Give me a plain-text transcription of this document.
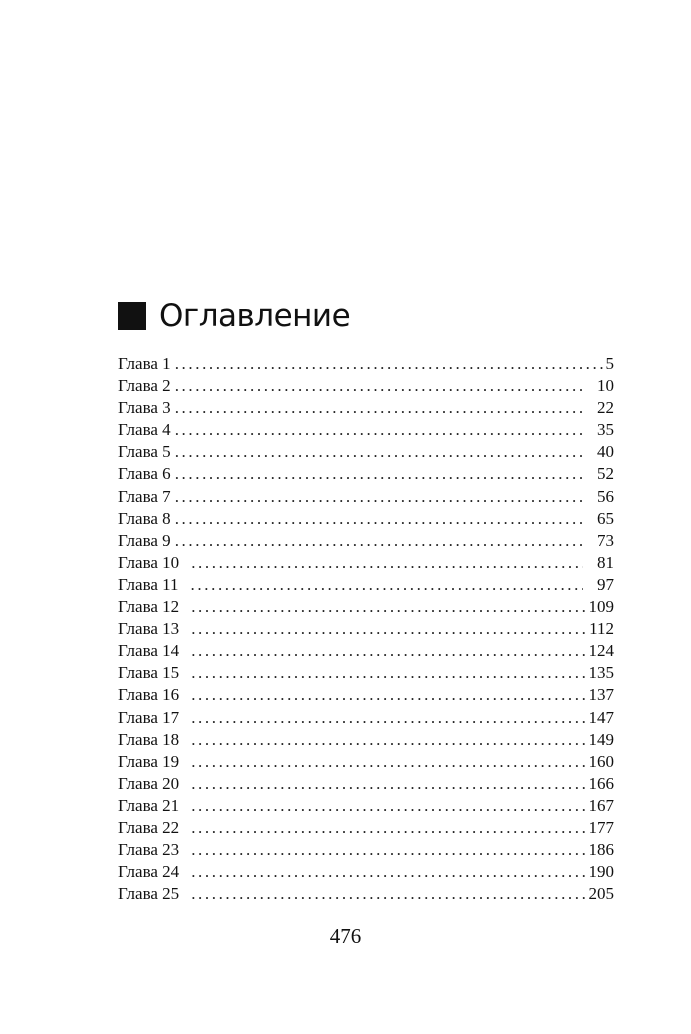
Оглавление
Глава 1 .....	5
Глава 2 .....	10
Глава 3 .....	22
Глава 4 .....	35
Глава 5 .....	40
Глава 6 .....	52
Глава 7 .....	56
Глава 8 .....	65
Глава 9 .....	73
Глава 10 .....	81
Глава 11 .....	97
Глава 12 .....	109
Глава 13 .....	112
Глава 14 .....	124
Глава 15 .....	135
Глава 16 .....	137
Глава 17 .....	147
Глава 18 .....	149
Глава 19 .....	160
Глава 20 .....	166
Глава 21 .....	167
Глава 22 .....	177
Глава 23 .....	186
Глава 24 .....	190
Глава 25 .....	205
476
